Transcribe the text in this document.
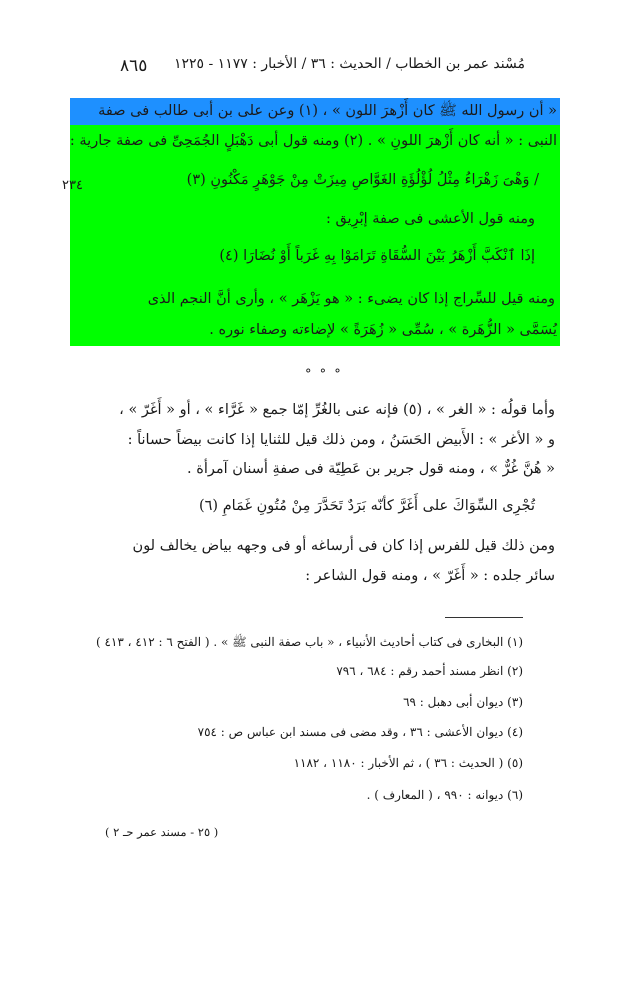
٨٦٥ مُسْند عمر بن الخطاب / الحديث : ٣٦ / الأخبار : ١١٧٧ - ١٢٢٥
٢٣٤
« أن رسول الله ﷺ كان أَزْهرَ اللون » ، (١) وعن على بن أبى طالب فى صفة
النبى : « أنه كان أَزْهرَ اللونِ » . (٢) ومنه قول أبى دَهْبَلٍ الجُمَحِىِّ فى صفة جارية :
/ وَهْىَ زَهْرَاءُ مِثْلُ لُؤْلُؤَةِ الغَوَّاصِ مِيزَتْ مِنْ جَوْهَرٍ مَكْنُونِ (٣)
ومنه قول الأعشى فى صفة إبْرِيق :
إذَا ٱنْكَبَّ أَزْهَرُ بَيْنَ السُّقَاةِ تَرَامَوْا بِهِ غَرَباً أَوْ نُضَارَا (٤)
ومنه قيل للسِّراج إذا كان يضىء : « هو يَزْهَر » ، وأرى أنَّ النجم الذى
يُسَمَّى « الزُّهَرة » ، سُمِّى « زُهَرَةً » لإضاءته وصفاء نوره .
° ° °
وأما قولُه : « الغر » ، (٥) فإنه عنى بالغُرِّ إمّا جمع « غَرَّاء » ، أو « أَغَرّ » ،
و « الأغر » : الأَبيض الحَسَنُ ، ومن ذلك قيل للثنايا إذا كانت بيضاً حساناً :
« هُنَّ غُرٌّ » ، ومنه قول جرير بن عَطِيّة فى صفةِ أسنان آمرأة .
تُجْرِى السِّوَاكَ على أَغَرَّ كأنّه بَرَدٌ تَحَدَّرَ مِنْ مُتُونِ غَمَامِ (٦)
ومن ذلك قيل للفرس إذا كان فى أرساغه أو فى وجهه بياض يخالف لون
سائر جلده : « أَغَرّ » ، ومنه قول الشاعر :
(١) البخارى فى كتاب أحاديث الأنبياء ، « باب صفة النبى ﷺ » . ( الفتح ٦ : ٤١٢ ، ٤١٣ )
(٢) انظر مسند أحمد رقم : ٦٨٤ ، ٧٩٦
(٣) ديوان أبى دهبل : ٦٩
(٤) ديوان الأعشى : ٣٦ ، وقد مضى فى مسند ابن عباس ص : ٧٥٤
(٥) ( الحديث : ٣٦ ) ، ثم الأخبار : ١١٨٠ ، ١١٨٢
(٦) ديوانه : ٩٩٠ ، ( المعارف ) .
( ٢٥ - مسند عمر حـ ٢ )
